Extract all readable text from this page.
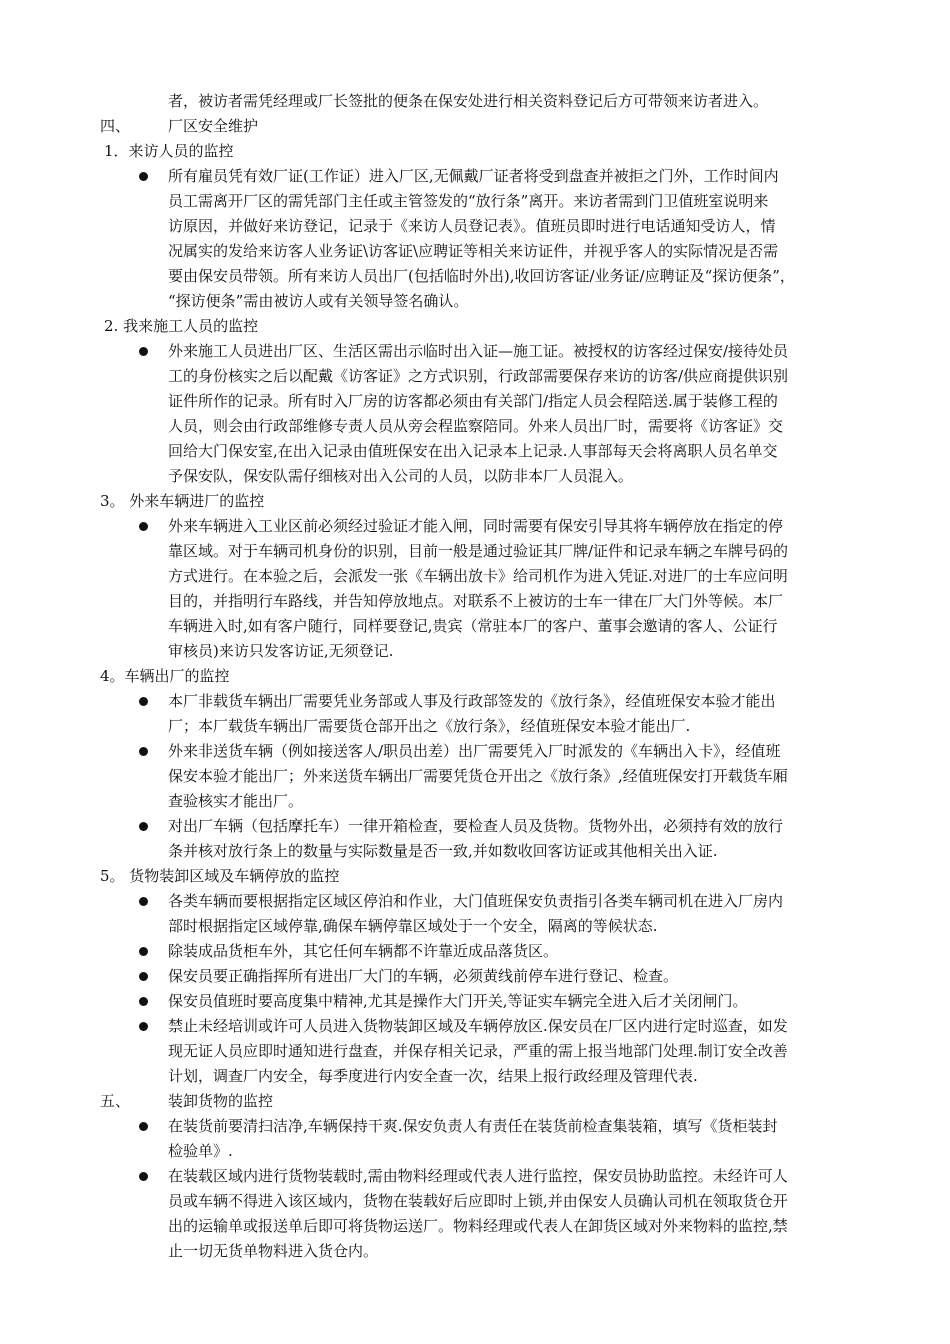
者，被访者需凭经理或厂长签批的便条在保安处进行相关资料登记后方可带领来访者进入。
四、	厂区安全维护
1．来访人员的监控
所有雇员凭有效厂证(工作证）进入厂区,无佩戴厂证者将受到盘查并被拒之门外，工作时间内
员工需离开厂区的需凭部门主任或主管签发的“放行条”离开。来访者需到门卫值班室说明来
访原因，并做好来访登记，记录于《来访人员登记表》。值班员即时进行电话通知受访人，情
况属实的发给来访客人业务证\访客证\应聘证等相关来访证件，并视乎客人的实际情况是否需
要由保安员带领。所有来访人员出厂(包括临时外出),收回访客证/业务证/应聘证及“探访便条”，
“探访便条”需由被访人或有关领导签名确认。
2. 我来施工人员的监控
外来施工人员进出厂区、生活区需出示临时出入证—施工证。被授权的访客经过保安/接待处员
工的身份核实之后以配戴《访客证》之方式识别，行政部需要保存来访的访客/供应商提供识别
证件所作的记录。所有时入厂房的访客都必须由有关部门/指定人员会程陪送.属于装修工程的
人员，则会由行政部维修专责人员从旁会程监察陪同。外来人员出厂时，需要将《访客证》交
回给大门保安室,在出入记录由值班保安在出入记录本上记录.人事部每天会将离职人员名单交
予保安队，保安队需仔细核对出入公司的人员，以防非本厂人员混入。
3。 外来车辆进厂的监控
外来车辆进入工业区前必须经过验证才能入闸，同时需要有保安引导其将车辆停放在指定的停
靠区域。对于车辆司机身份的识别，目前一般是通过验证其厂牌/证件和记录车辆之车牌号码的
方式进行。在本验之后，会派发一张《车辆出放卡》给司机作为进入凭证.对进厂的士车应问明
目的，并指明行车路线，并告知停放地点。对联系不上被访的士车一律在厂大门外等候。本厂
车辆进入时,如有客户随行，同样要登记,贵宾（常驻本厂的客户、董事会邀请的客人、公证行
审核员)来访只发客访证,无须登记.
4。车辆出厂的监控
本厂非载货车辆出厂需要凭业务部或人事及行政部签发的《放行条》，经值班保安本验才能出
厂；本厂载货车辆出厂需要货仓部开出之《放行条》，经值班保安本验才能出厂.
外来非送货车辆（例如接送客人/职员出差）出厂需要凭入厂时派发的《车辆出入卡》，经值班
保安本验才能出厂；外来送货车辆出厂需要凭货仓开出之《放行条》,经值班保安打开载货车厢
查验核实才能出厂。
对出厂车辆（包括摩托车）一律开箱检查，要检查人员及货物。货物外出，必须持有效的放行
条并核对放行条上的数量与实际数量是否一致,并如数收回客访证或其他相关出入证.
5。 货物装卸区域及车辆停放的监控
各类车辆而要根据指定区域区停泊和作业，大门值班保安负责指引各类车辆司机在进入厂房内
部时根据指定区域停靠,确保车辆停靠区域处于一个安全，隔离的等候状态.
除装成品货柜车外，其它任何车辆都不许靠近成品落货区。
保安员要正确指挥所有进出厂大门的车辆，必须黄线前停车进行登记、检查。
保安员值班时要高度集中精神,尤其是操作大门开关,等证实车辆完全进入后才关闭闸门。
禁止未经培训或许可人员进入货物装卸区域及车辆停放区.保安员在厂区内进行定时巡查，如发
现无证人员应即时通知进行盘查，并保存相关记录，严重的需上报当地部门处理.制订安全改善
计划，调查厂内安全，每季度进行内安全查一次，结果上报行政经理及管理代表.
五、	装卸货物的监控
在装货前要清扫洁净,车辆保持干爽.保安负责人有责任在装货前检查集装箱，填写《货柜装封
检验单》.
在装载区域内进行货物装载时,需由物料经理或代表人进行监控，保安员协助监控。未经许可人
员或车辆不得进入该区域内，货物在装载好后应即时上锁,并由保安人员确认司机在领取货仓开
出的运输单或报送单后即可将货物运送厂。物料经理或代表人在卸货区域对外来物料的监控,禁
止一切无货单物料进入货仓内。
